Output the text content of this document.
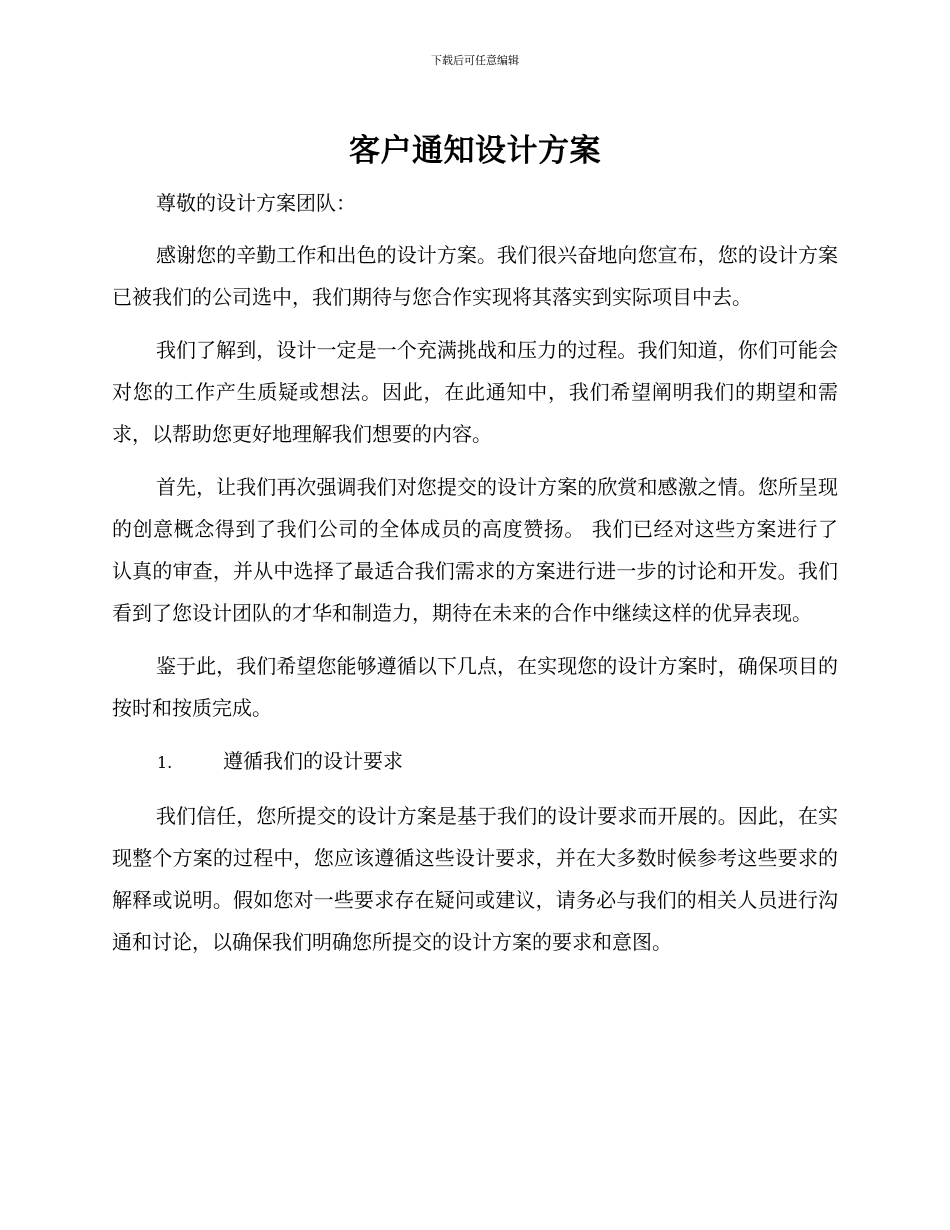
下载后可任意编辑
客户通知设计方案

尊敬的设计方案团队：

感谢您的辛勤工作和出色的设计方案。我们很兴奋地向您宣布，您的设计方案已被我们的公司选中，我们期待与您合作实现将其落实到实际项目中去。

我们了解到，设计一定是一个充满挑战和压力的过程。我们知道，你们可能会对您的工作产生质疑或想法。因此，在此通知中，我们希望阐明我们的期望和需求，以帮助您更好地理解我们想要的内容。

首先，让我们再次强调我们对您提交的设计方案的欣赏和感激之情。您所呈现的创意概念得到了我们公司的全体成员的高度赞扬。 我们已经对这些方案进行了认真的审查，并从中选择了最适合我们需求的方案进行进一步的讨论和开发。我们看到了您设计团队的才华和制造力，期待在未来的合作中继续这样的优异表现。

鉴于此，我们希望您能够遵循以下几点，在实现您的设计方案时，确保项目的按时和按质完成。

1.	遵循我们的设计要求

我们信任，您所提交的设计方案是基于我们的设计要求而开展的。因此，在实现整个方案的过程中，您应该遵循这些设计要求，并在大多数时候参考这些要求的解释或说明。假如您对一些要求存在疑问或建议，请务必与我们的相关人员进行沟通和讨论，以确保我们明确您所提交的设计方案的要求和意图。
